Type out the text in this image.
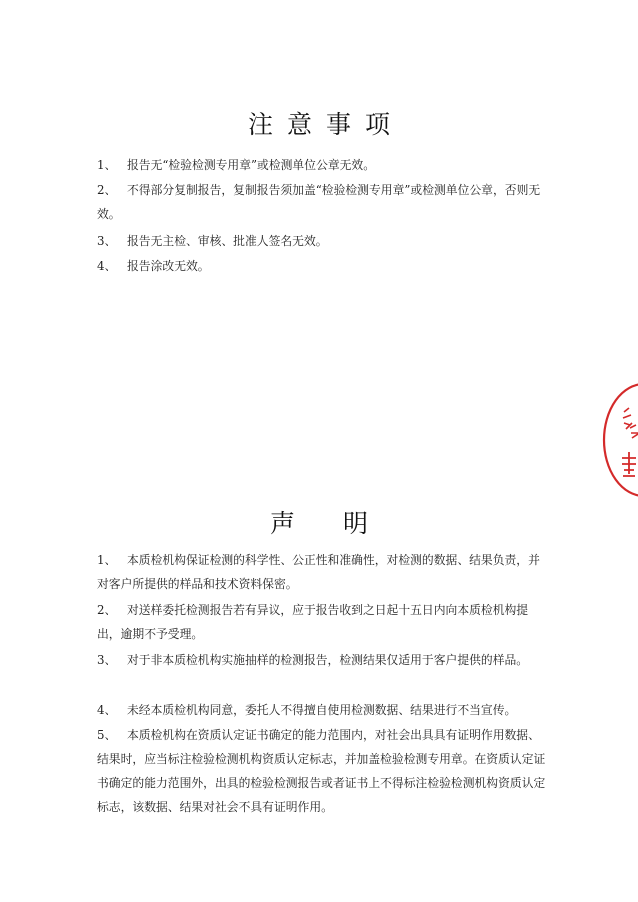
注意事项

1、 报告无“检验检测专用章”或检测单位公章无效。

2、 不得部分复制报告，复制报告须加盖“检验检测专用章”或检测单位公章，否则无效。

3、 报告无主检、审核、批准人签名无效。

4、 报告涂改无效。

声明

1、 本质检机构保证检测的科学性、公正性和准确性，对检测的数据、结果负责，并对客户所提供的样品和技术资料保密。

2、 对送样委托检测报告若有异议，应于报告收到之日起十五日内向本质检机构提出，逾期不予受理。

3、 对于非本质检机构实施抽样的检测报告，检测结果仅适用于客户提供的样品。

4、 未经本质检机构同意，委托人不得擅自使用检测数据、结果进行不当宣传。

5、 本质检机构在资质认定证书确定的能力范围内，对社会出具具有证明作用数据、结果时，应当标注检验检测机构资质认定标志，并加盖检验检测专用章。在资质认定证书确定的能力范围外，出具的检验检测报告或者证书上不得标注检验检测机构资质认定标志，该数据、结果对社会不具有证明作用。
